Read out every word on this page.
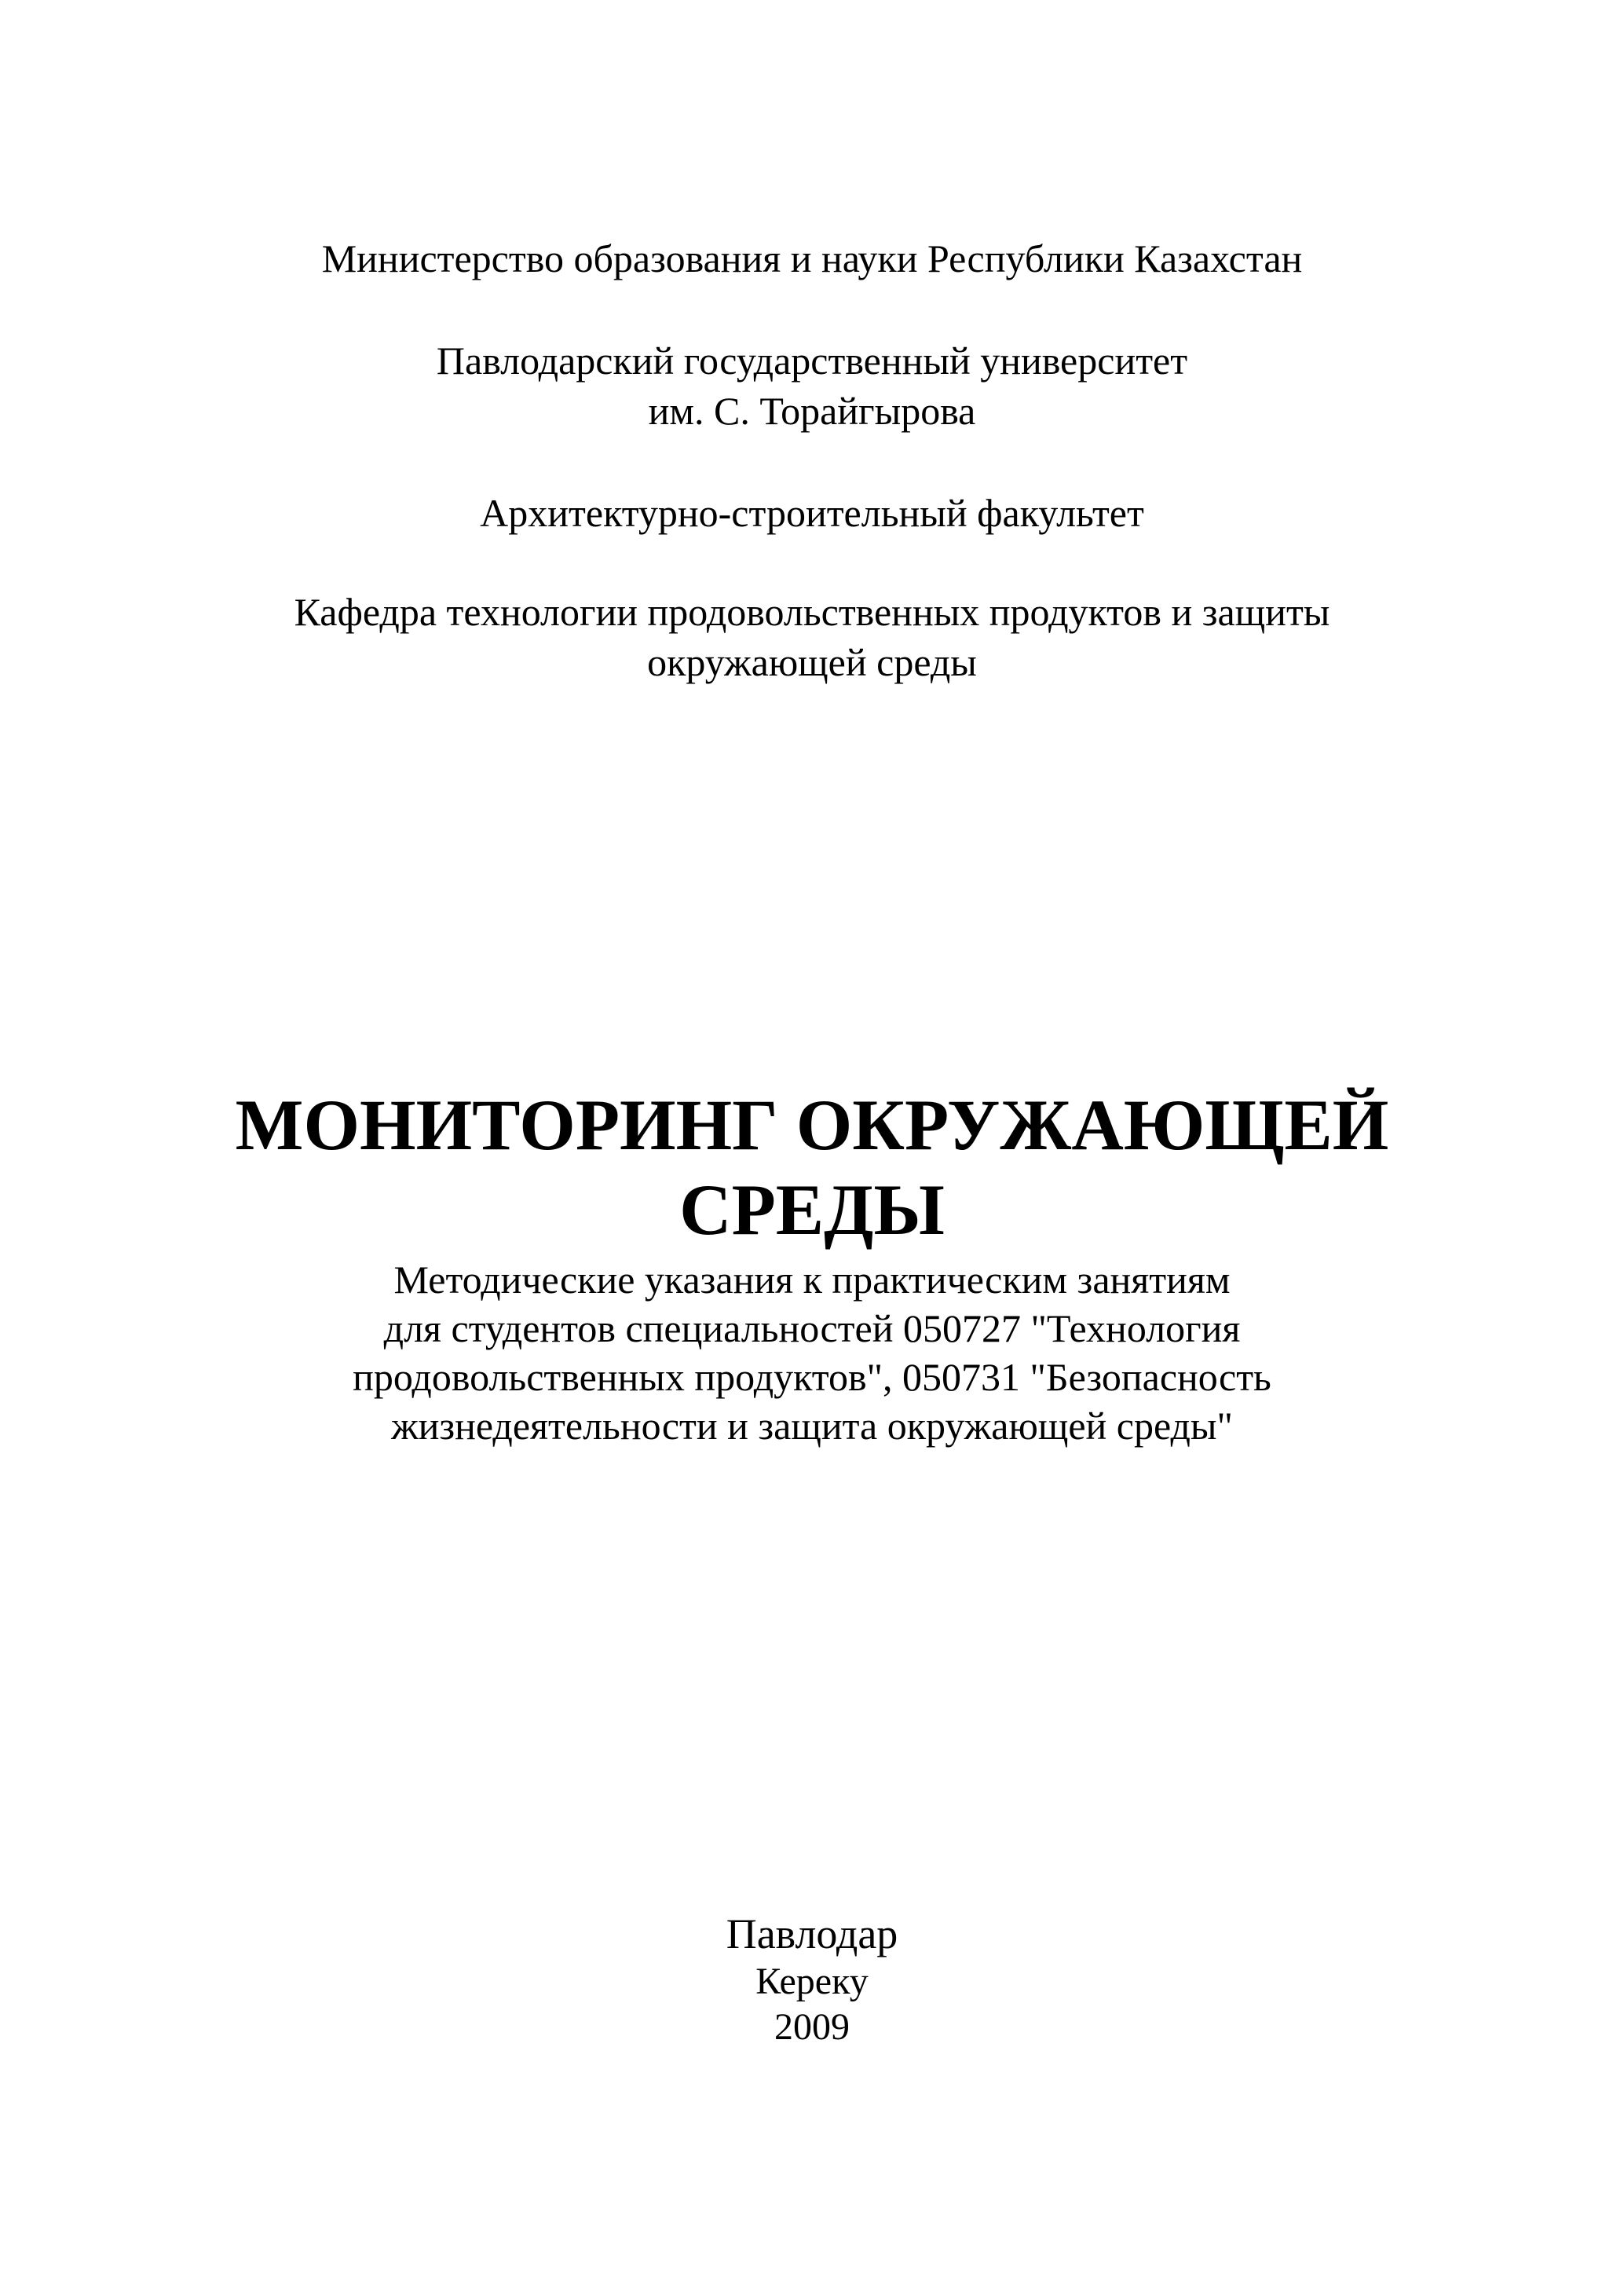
Министерство образования и науки Республики Казахстан
Павлодарский государственный университет
им. С. Торайгырова
Архитектурно-строительный факультет
Кафедра технологии продовольственных продуктов и защиты
окружающей среды
МОНИТОРИНГ ОКРУЖАЮЩЕЙ
СРЕДЫ
Методические указания к практическим занятиям
для студентов специальностей 050727 "Технология
продовольственных продуктов", 050731 "Безопасность
жизнедеятельности и защита окружающей среды"
Павлодар
Кереку
2009
